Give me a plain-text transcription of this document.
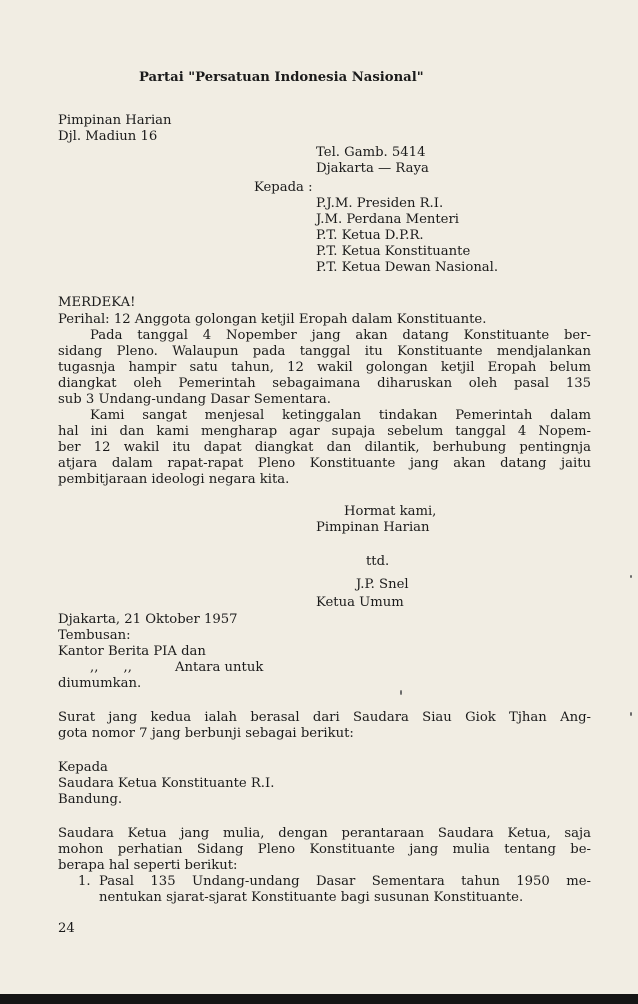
Partai "Persatuan Indonesia Nasional"
Pimpinan Harian
Djl. Madiun 16
Tel. Gamb. 5414
Djakarta — Raya
Kepada :
P.J.M. Presiden R.I.
J.M. Perdana Menteri
P.T. Ketua D.P.R.
P.T. Ketua Konstituante
P.T. Ketua Dewan Nasional.
MERDEKA!
Perihal: 12 Anggota golongan ketjil Eropah dalam Konstituante.
Pada tanggal 4 Nopember jang akan datang Konstituante ber-
sidang Pleno. Walaupun pada tanggal itu Konstituante mendjalankan
tugasnja hampir satu tahun, 12 wakil golongan ketjil Eropah belum
diangkat oleh Pemerintah sebagaimana diharuskan oleh pasal 135
sub 3 Undang-undang Dasar Sementara.
Kami sangat menjesal ketinggalan tindakan Pemerintah dalam
hal ini dan kami mengharap agar supaja sebelum tanggal 4 Nopem-
ber 12 wakil itu dapat diangkat dan dilantik, berhubung pentingnja
atjara dalam rapat-rapat Pleno Konstituante jang akan datang jaitu
pembitjaraan ideologi negara kita.
Hormat kami,
Pimpinan Harian
ttd.
J.P. Snel
Ketua Umum
Djakarta, 21 Oktober 1957
Tembusan:
Kantor Berita PIA dan
,,      ,,	Antara untuk
diumumkan.
Surat jang kedua ialah berasal dari Saudara Siau Giok Tjhan Ang-
gota nomor 7 jang berbunji sebagai berikut:
Kepada
Saudara Ketua Konstituante R.I.
Bandung.
Saudara Ketua jang mulia, dengan perantaraan Saudara Ketua, saja
mohon perhatian Sidang Pleno Konstituante jang mulia tentang be-
berapa hal seperti berikut:
1. Pasal 135 Undang-undang Dasar Sementara tahun 1950 me-
nentukan sjarat-sjarat Konstituante bagi susunan Konstituante.
24
